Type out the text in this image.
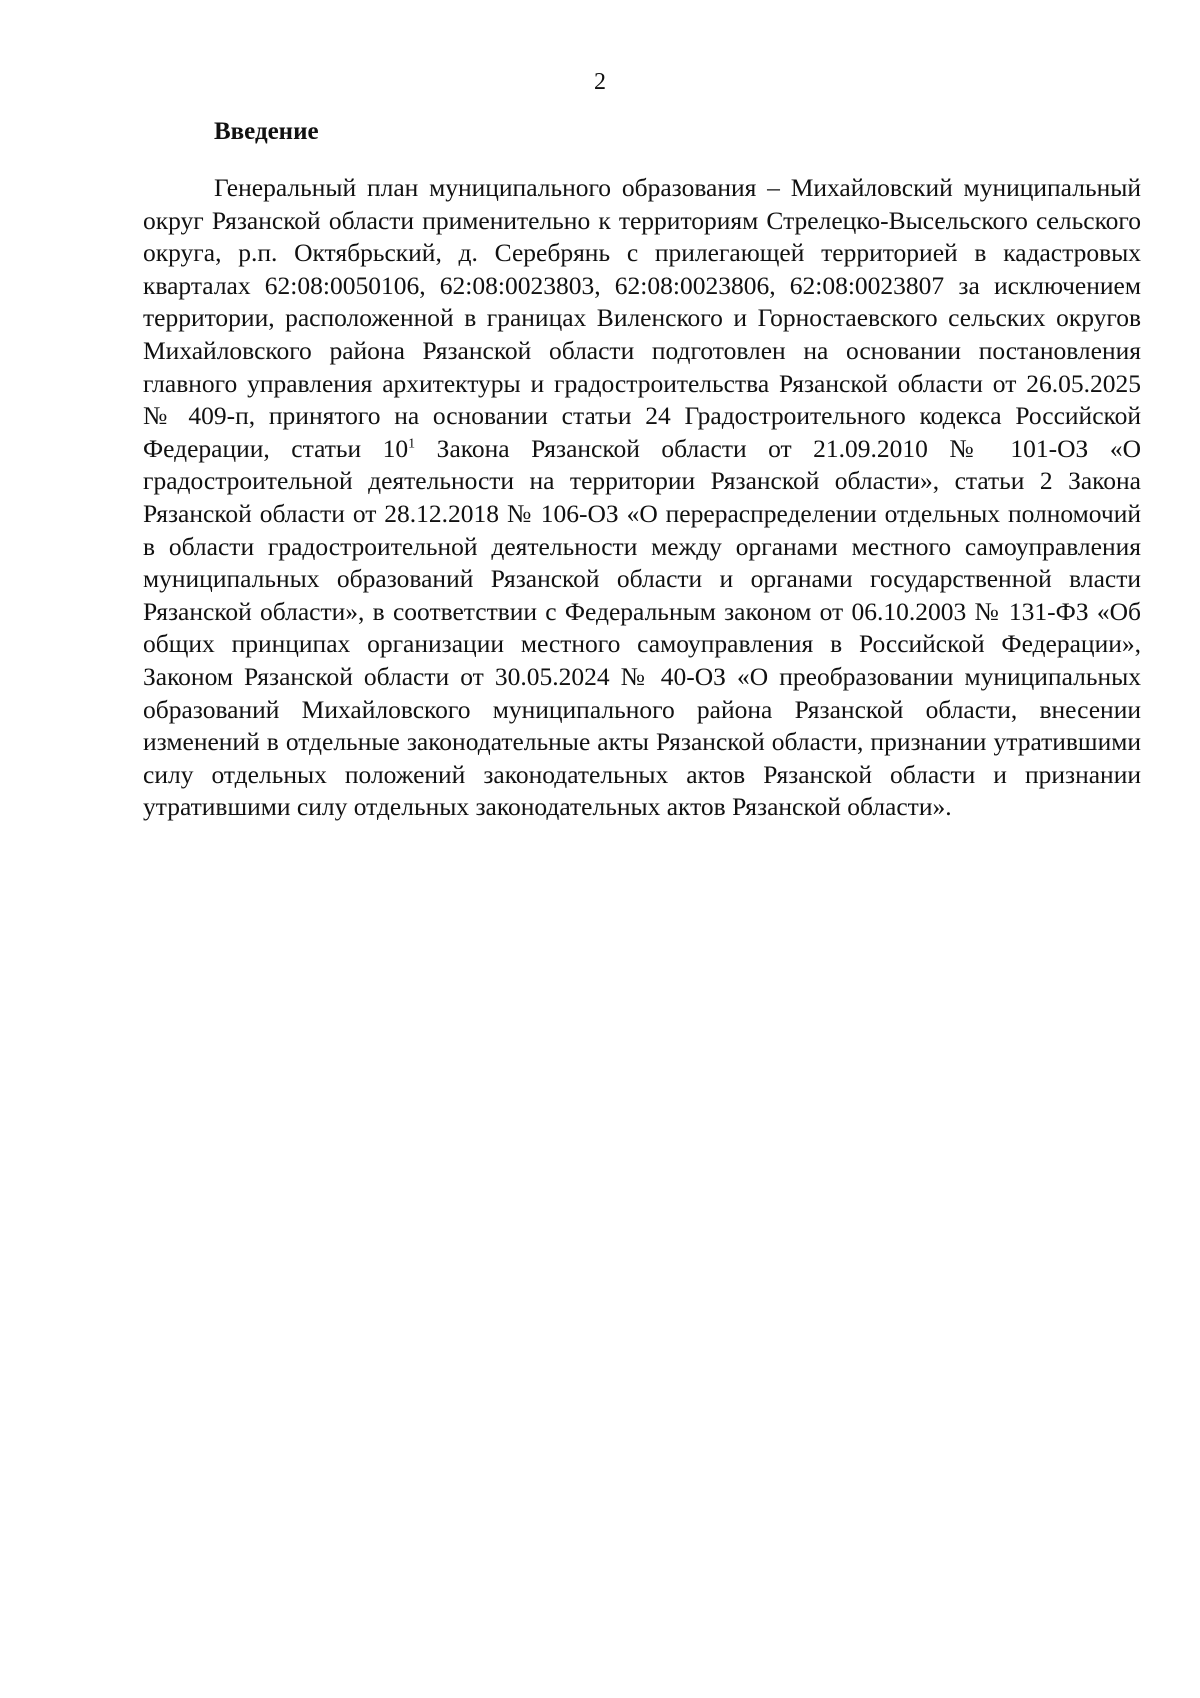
2
Введение

Генеральный план муниципального образования – Михайловский муниципальный округ Рязанской области применительно к территориям Стрелецко-Высельского сельского округа, р.п. Октябрьский, д. Серебрянь с прилегающей территорией в кадастровых кварталах 62:08:0050106, 62:08:0023803, 62:08:0023806, 62:08:0023807 за исключением территории, расположенной в границах Виленского и Горностаевского сельских округов Михайловского района Рязанской области подготовлен на основании постановления главного управления архитектуры и градостроительства Рязанской области от 26.05.2025 № 409-п, принятого на основании статьи 24 Градостроительного кодекса Российской Федерации, статьи $10^1$ Закона Рязанской области от 21.09.2010 № 101-ОЗ «О градостроительной деятельности на территории Рязанской области», статьи 2 Закона Рязанской области от 28.12.2018 № 106-ОЗ «О перераспределении отдельных полномочий в области градостроительной деятельности между органами местного самоуправления муниципальных образований Рязанской области и органами государственной власти Рязанской области», в соответствии с Федеральным законом от 06.10.2003 № 131-ФЗ «Об общих принципах организации местного самоуправления в Российской Федерации», Законом Рязанской области от 30.05.2024 № 40-ОЗ «О преобразовании муниципальных образований Михайловского муниципального района Рязанской области, внесении изменений в отдельные законодательные акты Рязанской области, признании утратившими силу отдельных положений законодательных актов Рязанской области и признании утратившими силу отдельных законодательных актов Рязанской области».
